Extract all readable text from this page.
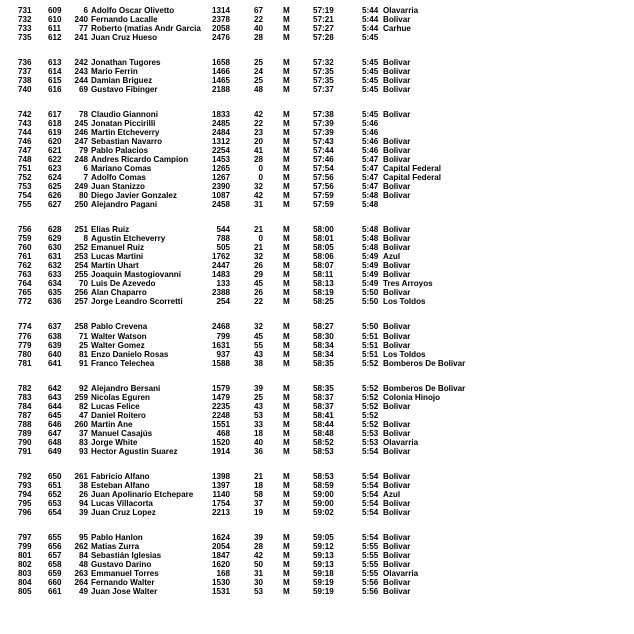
731 609	6 Adolfo Oscar Olivetto	1314	67 M	57:19	5:44 Olavarria
732 610	240 Fernando Lacalle	2378	22 M	57:21	5:44 Bolivar
733 611	77 Roberto (matias Andr Garcia	2058	40 M	57:27	5:44 Carhue
735 612	241 Juan Cruz Hueso	2476	28 M	57:28	5:45
736 613	242 Jonathan Tugores	1658	25 M	57:32	5:45 Bolivar
737 614	243 Mario Ferrin	1466	24 M	57:35	5:45 Bolivar
738 615	244 Damian Briguez	1465	25 M	57:35	5:45 Bolivar
740 616	69 Gustavo Fibinger	2188	48 M	57:37	5:45 Bolivar
742 617	78 Claudio Giannoni	1833	42 M	57:38	5:45 Bolivar
743 618	245 Jonatan Piccirilli	2485	22 M	57:39	5:46
744 619	246 Martin Etcheverry	2484	23 M	57:39	5:46
746 620	247 Sebastian Navarro	1312	20 M	57:43	5:46 Bolivar
747 621	79 Pablo Palacios	2254	41 M	57:44	5:46 Bolivar
748 622	248 Andres Ricardo Campion	1453	28 M	57:46	5:47 Bolivar
751 623	6 Mariano Comas	1265	0 M	57:54	5:47 Capital Federal
752 624	7 Adolfo Comas	1267	0 M	57:56	5:47 Capital Federal
753 625	249 Juan Stanizzo	2390	32 M	57:56	5:47 Bolivar
754 626	80 Diego Javier Gonzalez	1087	42 M	57:59	5:48 Bolivar
755 627	250 Alejandro Pagani	2458	31 M	57:59	5:48
756 628	251 Elias Ruiz	544	21 M	58:00	5:48 Bolivar
759 629	8 Agustin Etcheverry	788	0 M	58:01	5:48 Bolivar
760 630	252 Emanuel Ruiz	505	21 M	58:05	5:48 Bolivar
761 631	253 Lucas Martini	1762	32 M	58:06	5:49 Azul
762 632	254 Martin Uhart	2447	26 M	58:07	5:49 Bolivar
763 633	255 Joaquin Mastogiovanni	1483	29 M	58:11	5:49 Bolivar
764 634	70 Luis De Azevedo	133	45 M	58:13	5:49 Tres Arroyos
765 635	256 Alan Chaparro	2388	26 M	58:19	5:50 Bolivar
772 636	257 Jorge Leandro Scorretti	254	22 M	58:25	5:50 Los Toldos
774 637	258 Pablo Crevena	2468	32 M	58:27	5:50 Bolivar
776 638	71 Walter Watson	799	45 M	58:30	5:51 Bolivar
779 639	25 Walter Gomez	1631	55 M	58:34	5:51 Bolivar
780 640	81 Enzo Danielo Rosas	937	43 M	58:34	5:51 Los Toldos
781 641	91 Franco Telechea	1588	38 M	58:35	5:52 Bomberos De Bolivar
782 642	92 Alejandro Bersani	1579	39 M	58:35	5:52 Bomberos De Bolivar
783 643	259 Nicolas Eguren	1479	25 M	58:37	5:52 Colonia Hinojo
784 644	82 Lucas Felice	2235	43 M	58:37	5:52 Bolivar
787 645	47 Daniel Roitero	2248	53 M	58:41	5:52
788 646	260 Martin Ane	1551	33 M	58:44	5:52 Bolivar
789 647	37 Manuel Casajús	468	18 M	58:48	5:53 Bolivar
790 648	83 Jorge White	1520	40 M	58:52	5:53 Olavarria
791 649	93 Hector Agustin Suarez	1914	36 M	58:53	5:54 Bolivar
792 650	261 Fabricio Alfano	1398	21 M	58:53	5:54 Bolivar
793 651	38 Esteban Alfano	1397	18 M	58:59	5:54 Bolivar
794 652	26 Juan Apolinario Etchepare	1140	58 M	59:00	5:54 Azul
795 653	94 Lucas Villacorta	1754	37 M	59:00	5:54 Bolivar
796 654	39 Juan Cruz Lopez	2213	19 M	59:02	5:54 Bolivar
797 655	95 Pablo Hanlon	1624	39 M	59:05	5:54 Bolivar
799 656	262 Matias Zurra	2054	28 M	59:12	5:55 Bolivar
801 657	84 Sebastián Iglesias	1847	42 M	59:13	5:55 Bolivar
802 658	48 Gustavo Darino	1620	50 M	59:13	5:55 Bolivar
803 659	263 Emmanuel Torres	168	31 M	59:18	5:55 Olavarria
804 660	264 Fernando Walter	1530	30 M	59:19	5:56 Bolivar
805 661	49 Juan Jose Walter	1531	53 M	59:19	5:56 Bolivar
